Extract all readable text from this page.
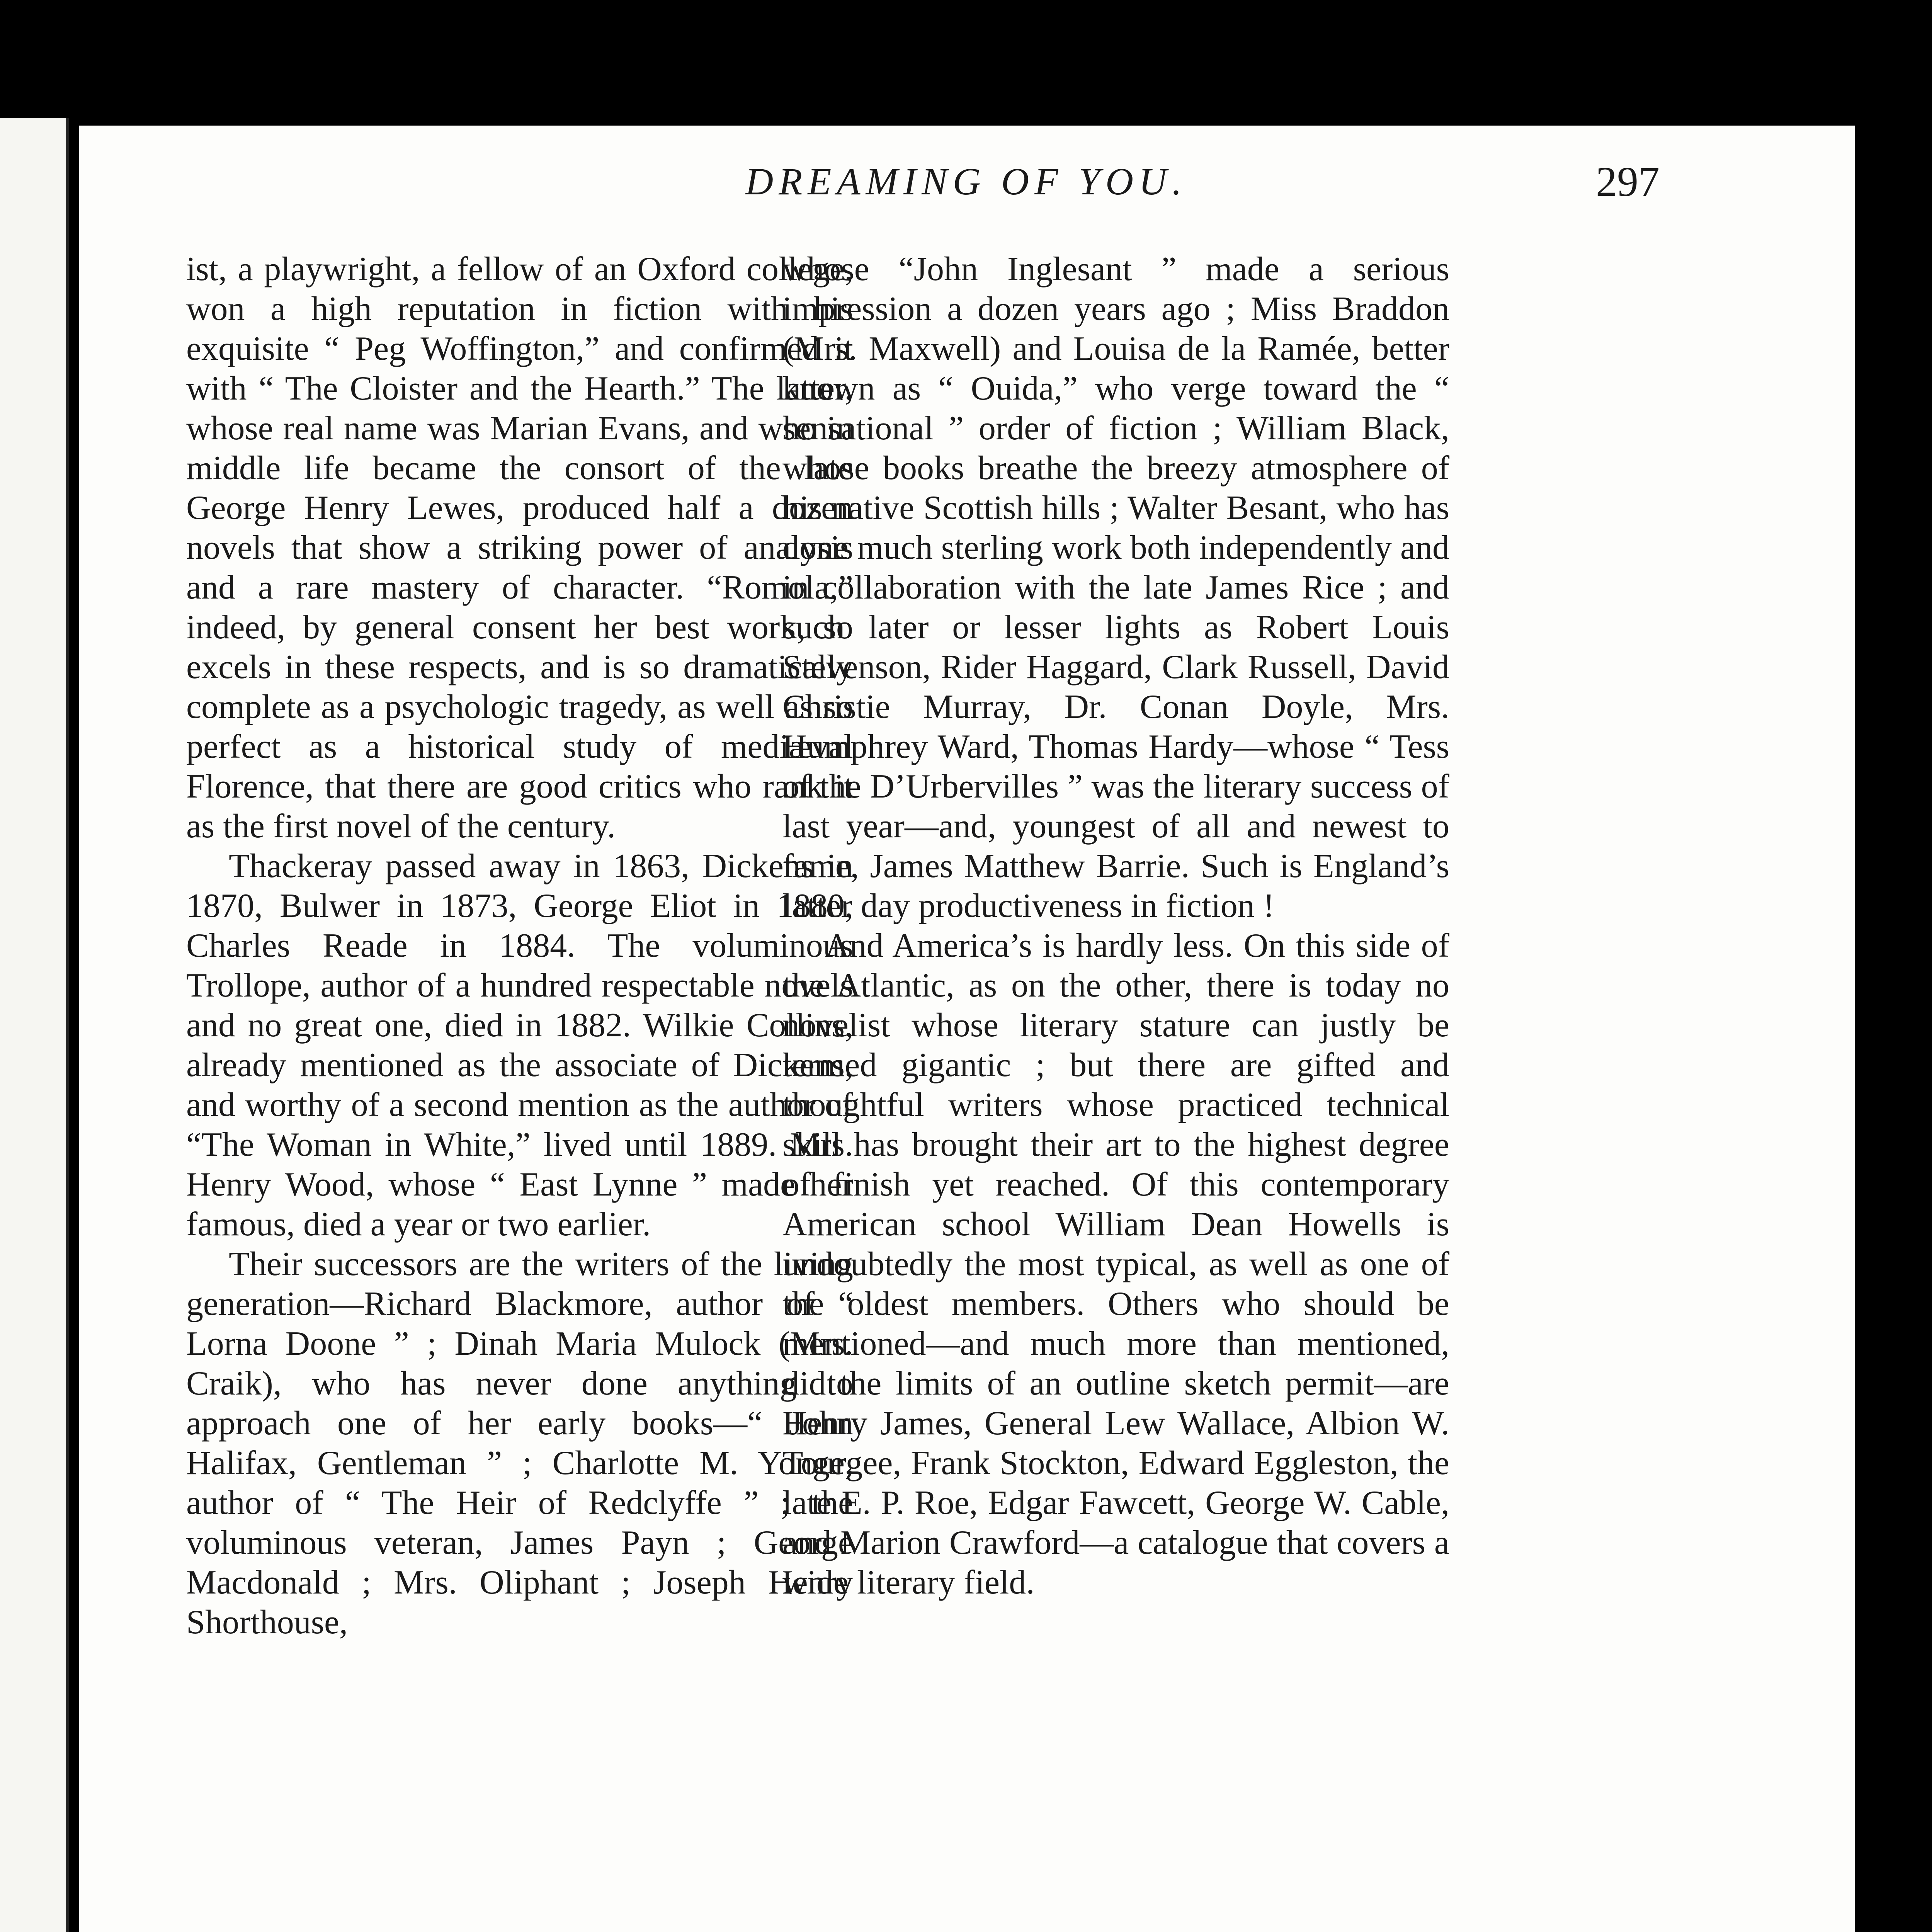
DREAMING OF YOU.	297

ist, a playwright, a fellow of an Oxford college, won a high reputation in fiction with his exquisite “ Peg Woffington,” and confirmed it with “ The Cloister and the Hearth.” The latter, whose real name was Marian Evans, and who in middle life became the consort of the late George Henry Lewes, produced half a dozen novels that show a striking power of analysis and a rare mastery of character. “Romola,” indeed, by general consent her best work, so excels in these respects, and is so dramatically complete as a psychologic tragedy, as well as so perfect as a historical study of mediæval Florence, that there are good critics who rank it as the first novel of the century.

Thackeray passed away in 1863, Dickens in 1870, Bulwer in 1873, George Eliot in 1880, Charles Reade in 1884. The voluminous Trollope, author of a hundred respectable novels and no great one, died in 1882. Wilkie Collins, already mentioned as the associate of Dickens, and worthy of a second mention as the author of “The Woman in White,” lived until 1889. Mrs. Henry Wood, whose “ East Lynne ” made her famous, died a year or two earlier.

Their successors are the writers of the living generation—Richard Blackmore, author of “ Lorna Doone ” ; Dinah Maria Mulock (Mrs. Craik), who has never done anything to approach one of her early books—“ John Halifax, Gentleman ” ; Charlotte M. Yonge, author of “ The Heir of Redclyffe ” ; the voluminous veteran, James Payn ; George Macdonald ; Mrs. Oliphant ; Joseph Henry Shorthouse,

whose “John Inglesant ” made a serious impression a dozen years ago ; Miss Braddon (Mrs. Maxwell) and Louisa de la Ramée, better known as “ Ouida,” who verge toward the “ sensational ” order of fiction ; William Black, whose books breathe the breezy atmosphere of his native Scottish hills ; Walter Besant, who has done much sterling work both independently and in collaboration with the late James Rice ; and such later or lesser lights as Robert Louis Stevenson, Rider Haggard, Clark Russell, David Christie Murray, Dr. Conan Doyle, Mrs. Humphrey Ward, Thomas Hardy—whose “ Tess of the D’Urbervilles ” was the literary success of last year—and, youngest of all and newest to fame, James Matthew Barrie. Such is England’s latter day productiveness in fiction !

And America’s is hardly less. On this side of the Atlantic, as on the other, there is today no novelist whose literary stature can justly be termed gigantic ; but there are gifted and thoughtful writers whose practiced technical skill has brought their art to the highest degree of finish yet reached. Of this contemporary American school William Dean Howells is undoubtedly the most typical, as well as one of the oldest members. Others who should be mentioned—and much more than mentioned, did the limits of an outline sketch permit—are Henry James, General Lew Wallace, Albion W. Tourgee, Frank Stockton, Edward Eggleston, the late E. P. Roe, Edgar Fawcett, George W. Cable, and Marion Crawford—a catalogue that covers a wide literary field.
